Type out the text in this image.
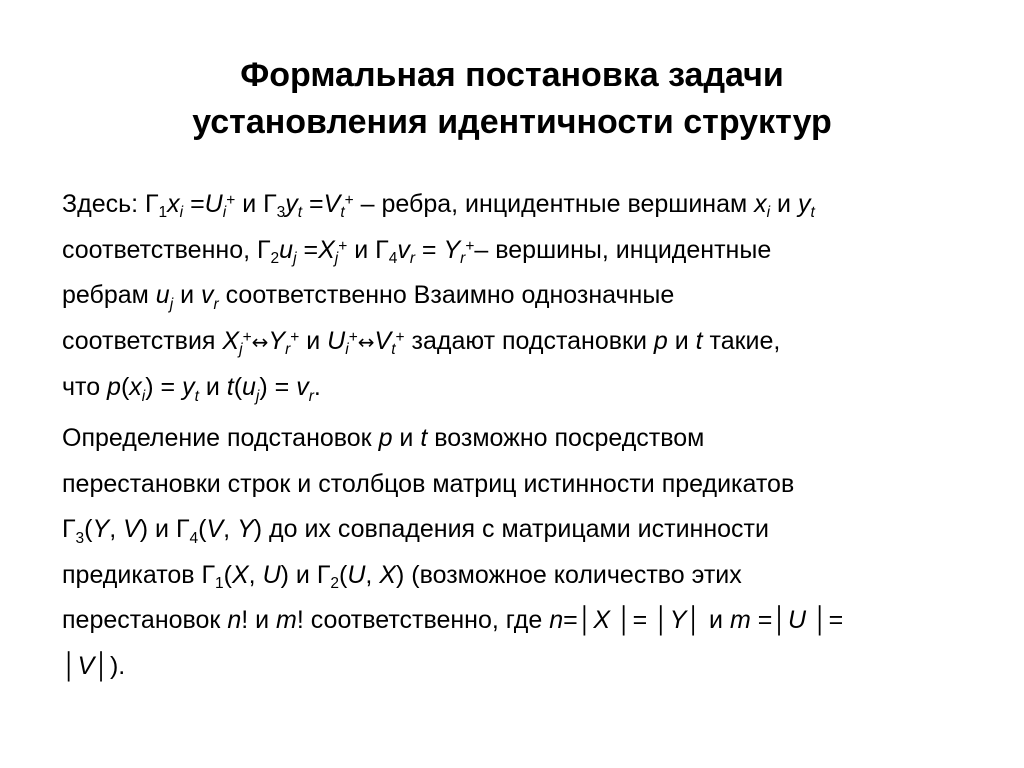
Формальная постановка задачи
установления идентичности структур
Здесь: $Г_1x_i =U_i^+$ и $Г_3y_t =V_t^+$ – ребра, инцидентные вершинам $x_i$ и $y_t$
соответственно, $Г_2u_j =X_j^+$ и $Г_4v_r = Y_r^+-$ вершины, инцидентные
ребрам $u_j$ и $v_r$ соответственно Взаимно однозначные
соответствия $X_j^+\leftrightarrow Y_r^+$ и $U_i^+\leftrightarrow V_t^+$ задают подстановки p и t такие,
что $p(x_i) = y_t$ и $t(u_j) = v_r$.
Определение подстановок p и t возможно посредством
перестановки строк и столбцов матриц истинности предикатов
$Г_3(Y$, V) и $Г_4(V$, Y) до их совпадения с матрицами истинности
предикатов $Г_1(X$, U) и $Г_2(U$, X) (возможное количество этих
перестановок n! и m! соответственно, где n=│X │= │Y│ и m =│U │=
│V│).
